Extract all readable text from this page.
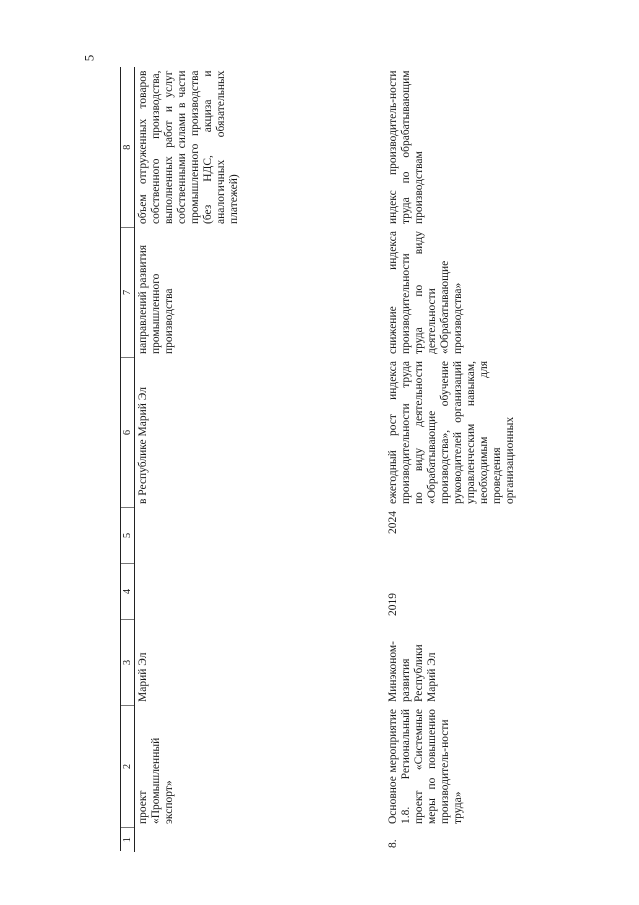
5
1	2	3	4	5	6	7	8
	проект «Промышленный экспорт»	Марий Эл			в Республике Марий Эл	направлений развития промышленного производства	объем отгруженных товаров собственного производства, выполненных работ и услуг собственными силами в части промышленного производства (без НДС, акциза и аналогичных обязательных платежей)
8.	Основное мероприятие 1.8. Региональный проект «Системные меры по повышению производитель-ности труда»	Минэконом-развития Республики Марий Эл	2019	2024	ежегодный рост индекса производительности труда по виду деятельности «Обрабатывающие производства», обучение руководителей организаций управленческим навыкам, необходимым для проведения организационных	снижение индекса производительности труда по виду деятельности «Обрабатывающие производства»	индекс производитель-ности труда по обрабатывающим производствам
